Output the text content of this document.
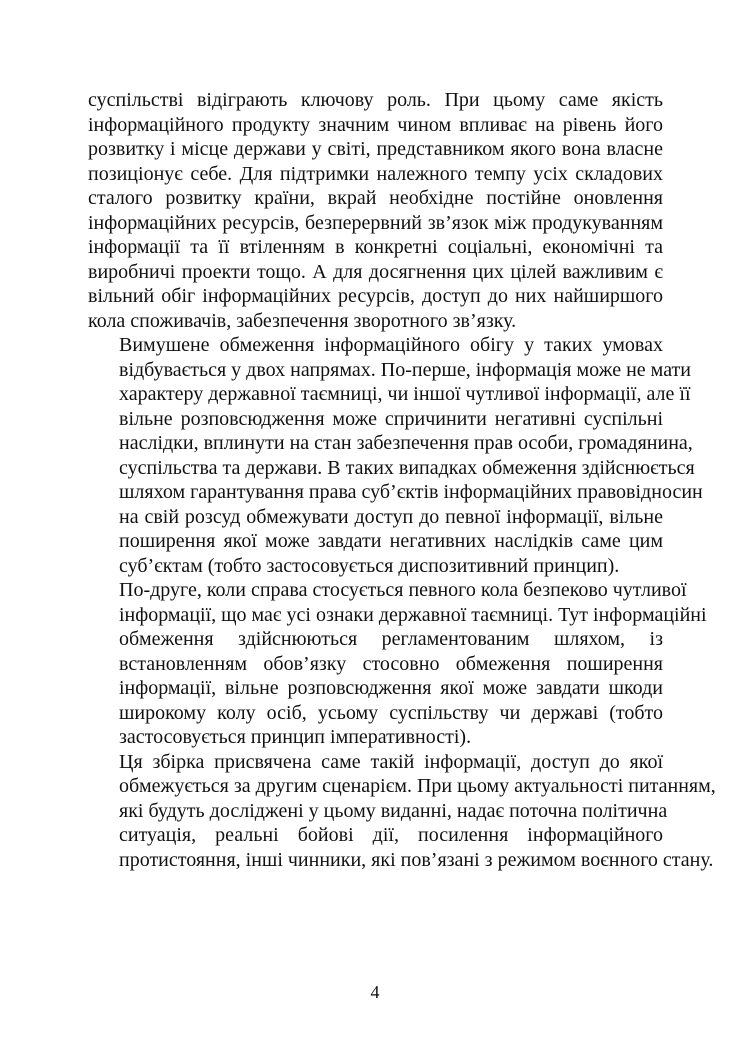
суспільстві відіграють ключову роль. При цьому саме якість
інформаційного продукту значним чином впливає на рівень його
розвитку і місце держави у світі, представником якого вона власне
позиціонує себе. Для підтримки належного темпу усіх складових
сталого розвитку країни, вкрай необхідне постійне оновлення
інформаційних ресурсів, безперервний зв’язок між продукуванням
інформації та її втіленням в конкретні соціальні, економічні та
виробничі проекти тощо. А для досягнення цих цілей важливим є
вільний обіг інформаційних ресурсів, доступ до них найширшого
кола споживачів, забезпечення зворотного зв’язку.
Вимушене обмеження інформаційного обігу у таких умовах
відбувається у двох напрямах. По-перше, інформація може не мати
характеру державної таємниці, чи іншої чутливої інформації, але її
вільне розповсюдження може спричинити негативні суспільні
наслідки, вплинути на стан забезпечення прав особи, громадянина,
суспільства та держави. В таких випадках обмеження здійснюється
шляхом гарантування права суб’єктів інформаційних правовідносин
на свій розсуд обмежувати доступ до певної інформації, вільне
поширення якої може завдати негативних наслідків саме цим
суб’єктам (тобто застосовується диспозитивний принцип).
По-друге, коли справа стосується певного кола безпеково чутливої
інформації, що має усі ознаки державної таємниці. Тут інформаційні
обмеження здійснюються регламентованим шляхом, із
встановленням обов’язку стосовно обмеження поширення
інформації, вільне розповсюдження якої може завдати шкоди
широкому колу осіб, усьому суспільству чи державі (тобто
застосовується принцип імперативності).
Ця збірка присвячена саме такій інформації, доступ до якої
обмежується за другим сценарієм. При цьому актуальності питанням,
які будуть досліджені у цьому виданні, надає поточна політична
ситуація, реальні бойові дії, посилення інформаційного
протистояння, інші чинники, які пов’язані з режимом воєнного стану.
4
